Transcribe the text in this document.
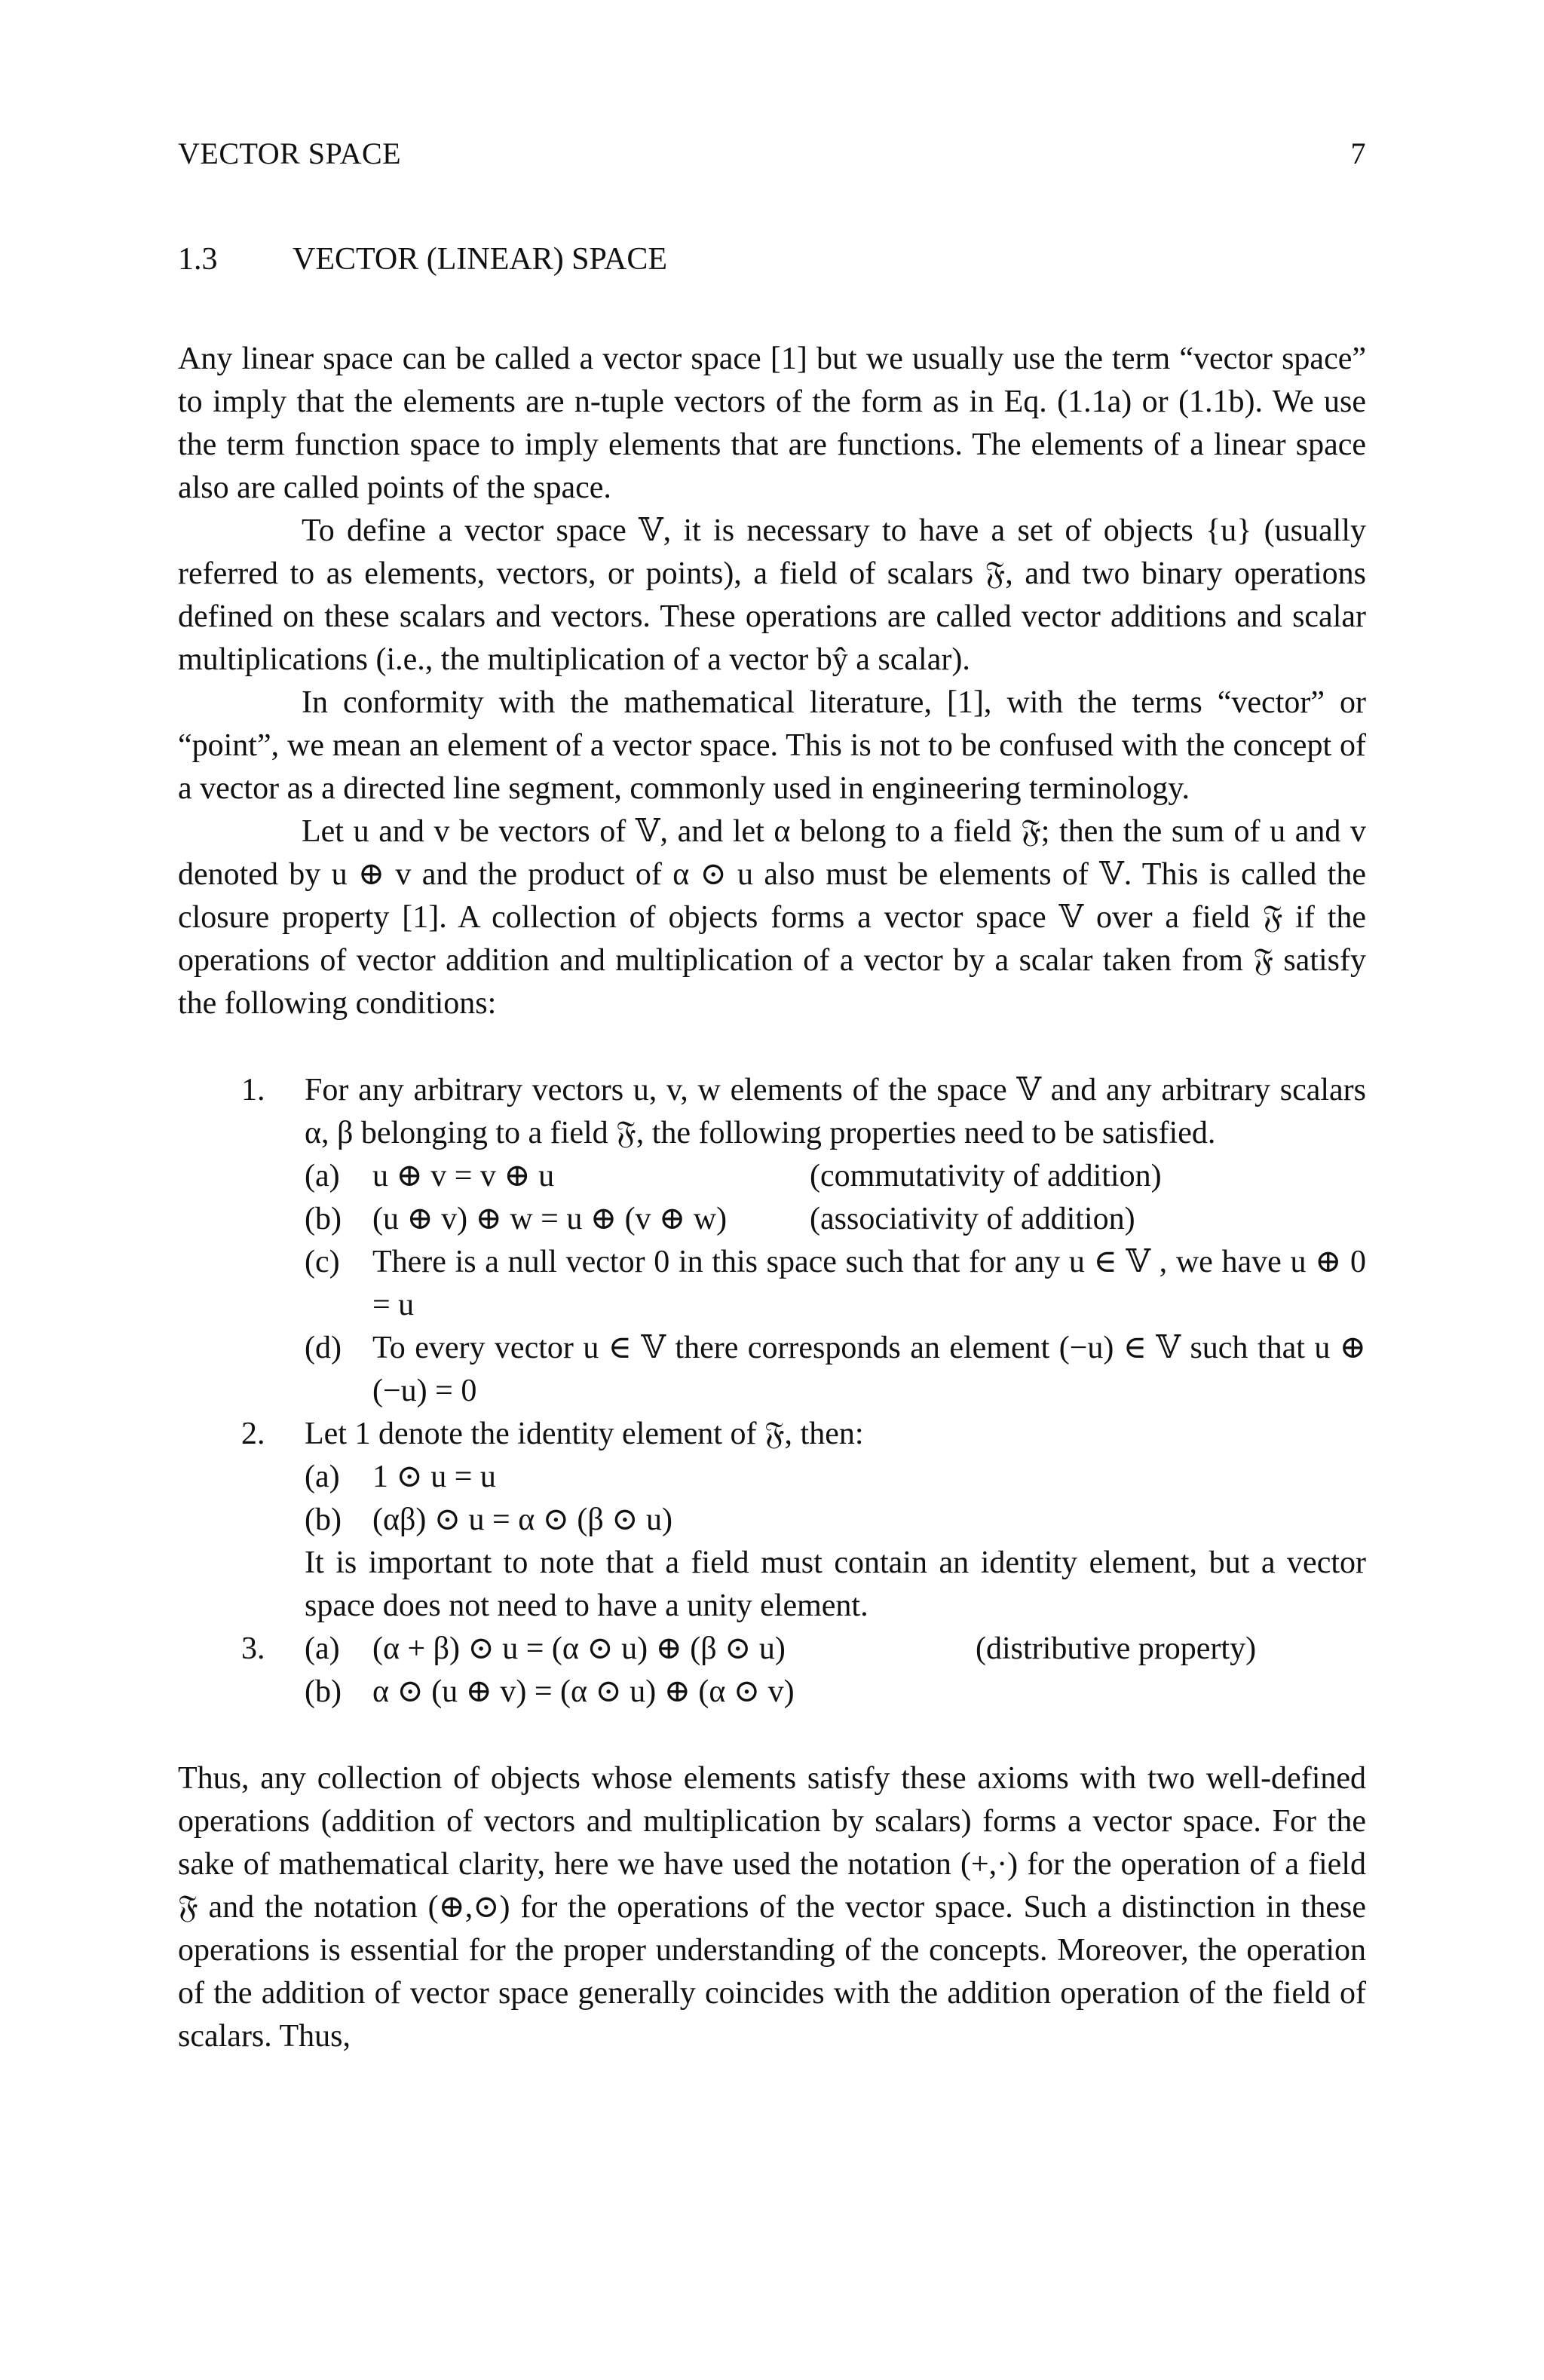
VECTOR SPACE	7
1.3 VECTOR (LINEAR) SPACE

Any linear space can be called a vector space [1] but we usually use the term “vector space” to imply that the elements are n-tuple vectors of the form as in Eq. (1.1a) or (1.1b). We use the term function space to imply elements that are functions. The elements of a linear space also are called points of the space.

To define a vector space 𝕍, it is necessary to have a set of objects {u} (usually referred to as elements, vectors, or points), a field of scalars 𝔉, and two binary operations defined on these scalars and vectors. These operations are called vector additions and scalar multiplications (i.e., the multiplication of a vector bŷ a scalar).

In conformity with the mathematical literature, [1], with the terms “vector” or “point”, we mean an element of a vector space. This is not to be confused with the concept of a vector as a directed line segment, commonly used in engineering terminology.

Let u and v be vectors of 𝕍, and let α belong to a field 𝔉; then the sum of u and v denoted by u ⊕ v and the product of α ⊙ u also must be elements of 𝕍. This is called the closure property [1]. A collection of objects forms a vector space 𝕍 over a field 𝔉 if the operations of vector addition and multiplication of a vector by a scalar taken from 𝔉 satisfy the following conditions:

1. For any arbitrary vectors u, v, w elements of the space 𝕍 and any arbitrary scalars α, β belonging to a field 𝔉, the following properties need to be satisfied.
(a) u ⊕ v = v ⊕ u	(commutativity of addition)
(b) (u ⊕ v) ⊕ w = u ⊕ (v ⊕ w)	(associativity of addition)
(c) There is a null vector 0 in this space such that for any u ∈ 𝕍 , we have u ⊕ 0 = u
(d) To every vector u ∈ 𝕍 there corresponds an element (−u) ∈ 𝕍 such that u ⊕ (−u) = 0
2. Let 1 denote the identity element of 𝔉, then:
(a) 1 ⊙ u = u
(b) (αβ) ⊙ u = α ⊙ (β ⊙ u)
It is important to note that a field must contain an identity element, but a vector space does not need to have a unity element.
3. (a) (α + β) ⊙ u = (α ⊙ u) ⊕ (β ⊙ u)	(distributive property)
(b) α ⊙ (u ⊕ v) = (α ⊙ u) ⊕ (α ⊙ v)

Thus, any collection of objects whose elements satisfy these axioms with two well-defined operations (addition of vectors and multiplication by scalars) forms a vector space. For the sake of mathematical clarity, here we have used the notation (+,·) for the operation of a field 𝔉 and the notation (⊕,⊙) for the operations of the vector space. Such a distinction in these operations is essential for the proper understanding of the concepts. Moreover, the operation of the addition of vector space generally coincides with the addition operation of the field of scalars. Thus,
